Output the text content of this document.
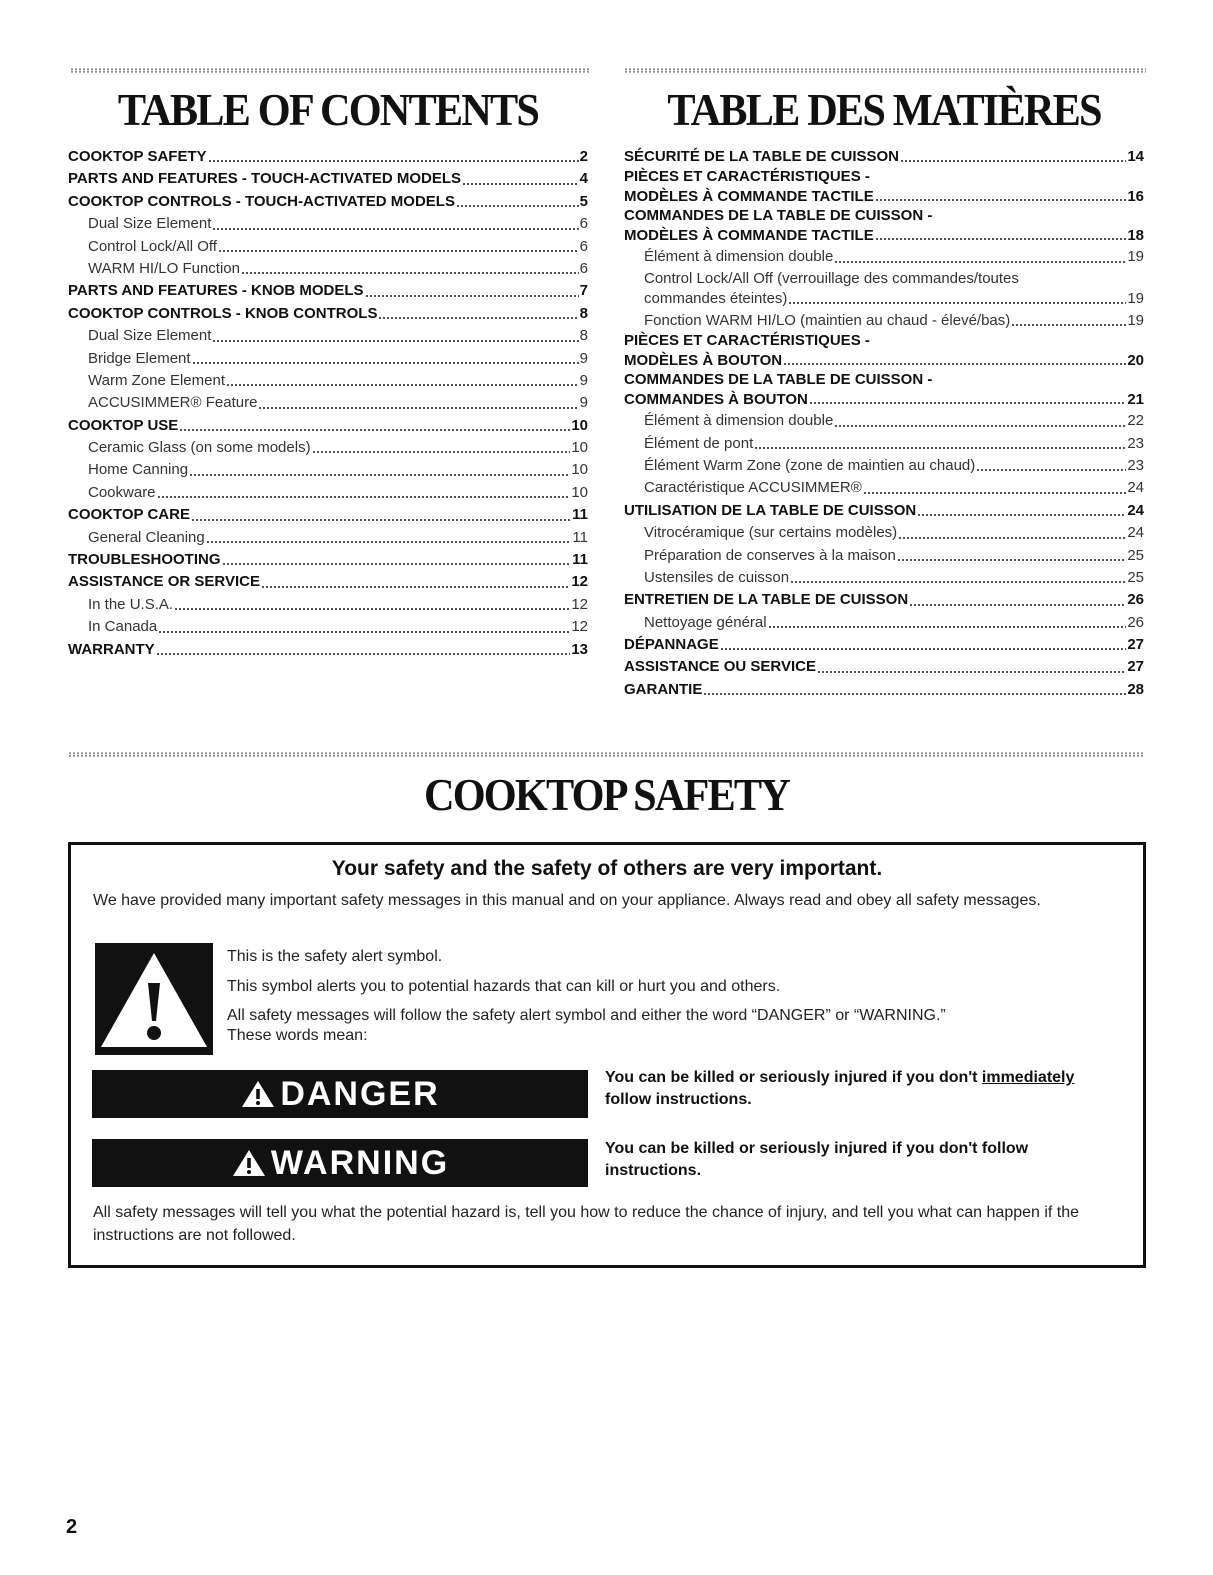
TABLE OF CONTENTS
COOKTOP SAFETY	2
PARTS AND FEATURES - TOUCH-ACTIVATED MODELS	4
COOKTOP CONTROLS - TOUCH-ACTIVATED MODELS	5
Dual Size Element	6
Control Lock/All Off	6
WARM HI/LO Function	6
PARTS AND FEATURES - KNOB MODELS	7
COOKTOP CONTROLS - KNOB CONTROLS	8
Dual Size Element	8
Bridge Element	9
Warm Zone Element	9
ACCUSIMMER® Feature	9
COOKTOP USE	10
Ceramic Glass (on some models)	10
Home Canning	10
Cookware	10
COOKTOP CARE	11
General Cleaning	11
TROUBLESHOOTING	11
ASSISTANCE OR SERVICE	12
In the U.S.A.	12
In Canada	12
WARRANTY	13
TABLE DES MATIÈRES
SÉCURITÉ DE LA TABLE DE CUISSON	14
PIÈCES ET CARACTÉRISTIQUES -
MODÈLES À COMMANDE TACTILE	16
COMMANDES DE LA TABLE DE CUISSON -
MODÈLES À COMMANDE TACTILE	18
Élément à dimension double	19
Control Lock/All Off (verrouillage des commandes/toutes
commandes éteintes)	19
Fonction WARM HI/LO (maintien au chaud - élevé/bas)	19
PIÈCES ET CARACTÉRISTIQUES -
MODÈLES À BOUTON	20
COMMANDES DE LA TABLE DE CUISSON -
COMMANDES À BOUTON	21
Élément à dimension double	22
Élément de pont	23
Élément Warm Zone (zone de maintien au chaud)	23
Caractéristique ACCUSIMMER®	24
UTILISATION DE LA TABLE DE CUISSON	24
Vitrocéramique (sur certains modèles)	24
Préparation de conserves à la maison	25
Ustensiles de cuisson	25
ENTRETIEN DE LA TABLE DE CUISSON	26
Nettoyage général	26
DÉPANNAGE	27
ASSISTANCE OU SERVICE	27
GARANTIE	28
COOKTOP SAFETY
Your safety and the safety of others are very important.
We have provided many important safety messages in this manual and on your appliance. Always read and obey all safety messages.
This is the safety alert symbol.
This symbol alerts you to potential hazards that can kill or hurt you and others.
All safety messages will follow the safety alert symbol and either the word “DANGER” or “WARNING.”
These words mean:
DANGER	You can be killed or seriously injured if you don't immediately
follow instructions.
WARNING	You can be killed or seriously injured if you don't follow
instructions.
All safety messages will tell you what the potential hazard is, tell you how to reduce the chance of injury, and tell you what can happen if the instructions are not followed.
2
